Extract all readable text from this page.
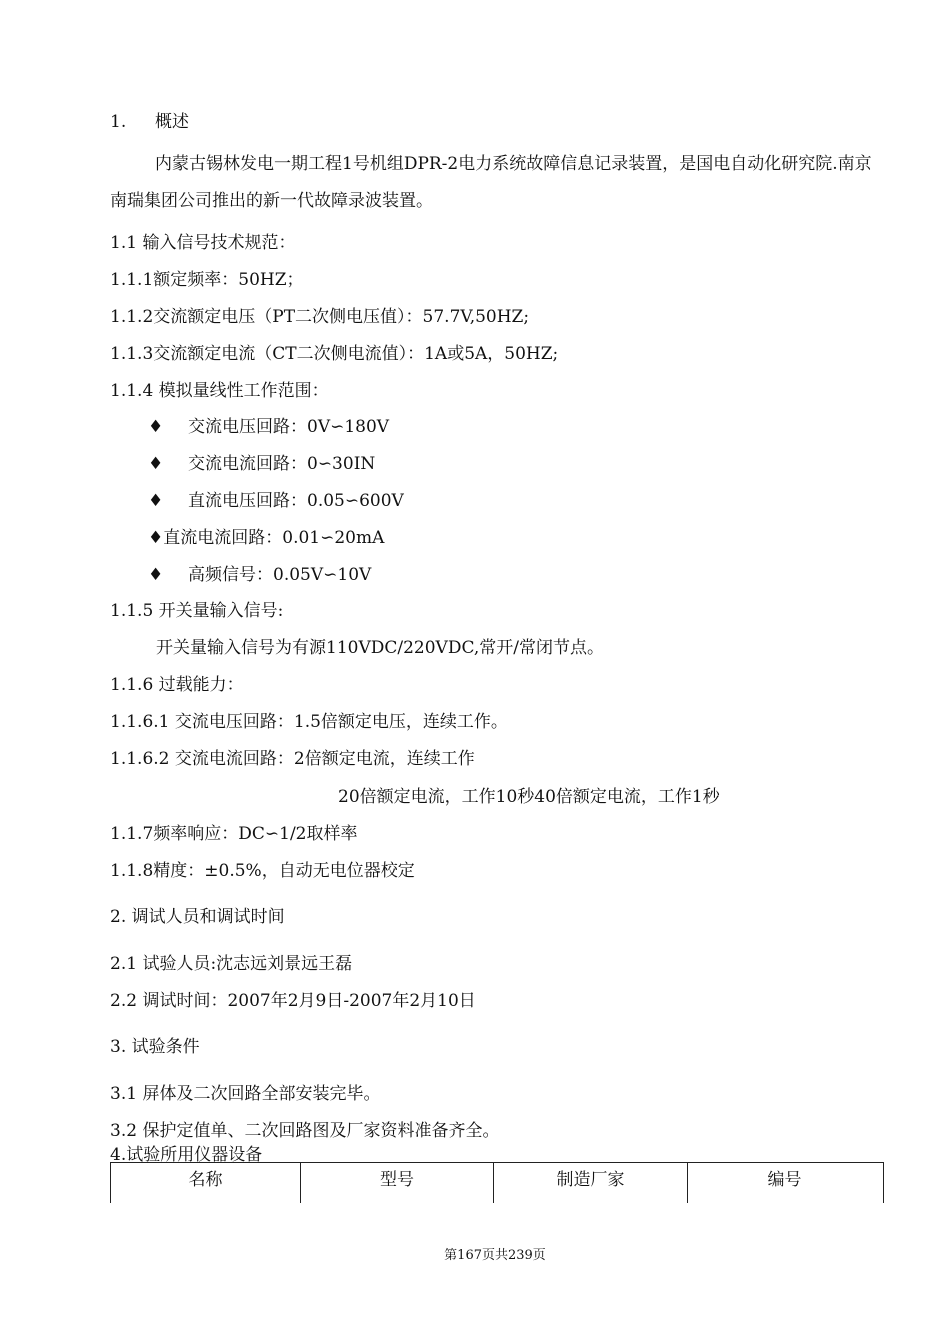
1. 概述
内蒙古锡林发电一期工程1号机组DPR-2电力系统故障信息记录装置，是国电自动化研究院.南京南瑞集团公司推出的新一代故障录波装置。
1.1 输入信号技术规范：
1.1.1额定频率：50HZ；
1.1.2交流额定电压（PT二次侧电压值）：57.7V,50HZ;
1.1.3交流额定电流（CT二次侧电流值）：1A或5A，50HZ;
1.1.4 模拟量线性工作范围：
♦ 交流电压回路：0V∽180V
♦ 交流电流回路：0∽30IN
♦ 直流电压回路：0.05∽600V
♦直流电流回路：0.01∽20mA
♦ 高频信号：0.05V∽10V
1.1.5 开关量输入信号:
开关量输入信号为有源110VDC/220VDC,常开/常闭节点。
1.1.6 过载能力：
1.1.6.1 交流电压回路：1.5倍额定电压，连续工作。
1.1.6.2 交流电流回路：2倍额定电流，连续工作
20倍额定电流，工作10秒40倍额定电流，工作1秒
1.1.7频率响应：DC∽1/2取样率
1.1.8精度：±0.5%，自动无电位器校定
2. 调试人员和调试时间
2.1 试验人员:沈志远刘景远王磊
2.2 调试时间：2007年2月9日-2007年2月10日
3. 试验条件
3.1 屏体及二次回路全部安装完毕。
3.2 保护定值单、二次回路图及厂家资料准备齐全。
4.试验所用仪器设备
名称	型号	制造厂家	编号
第167页共239页
